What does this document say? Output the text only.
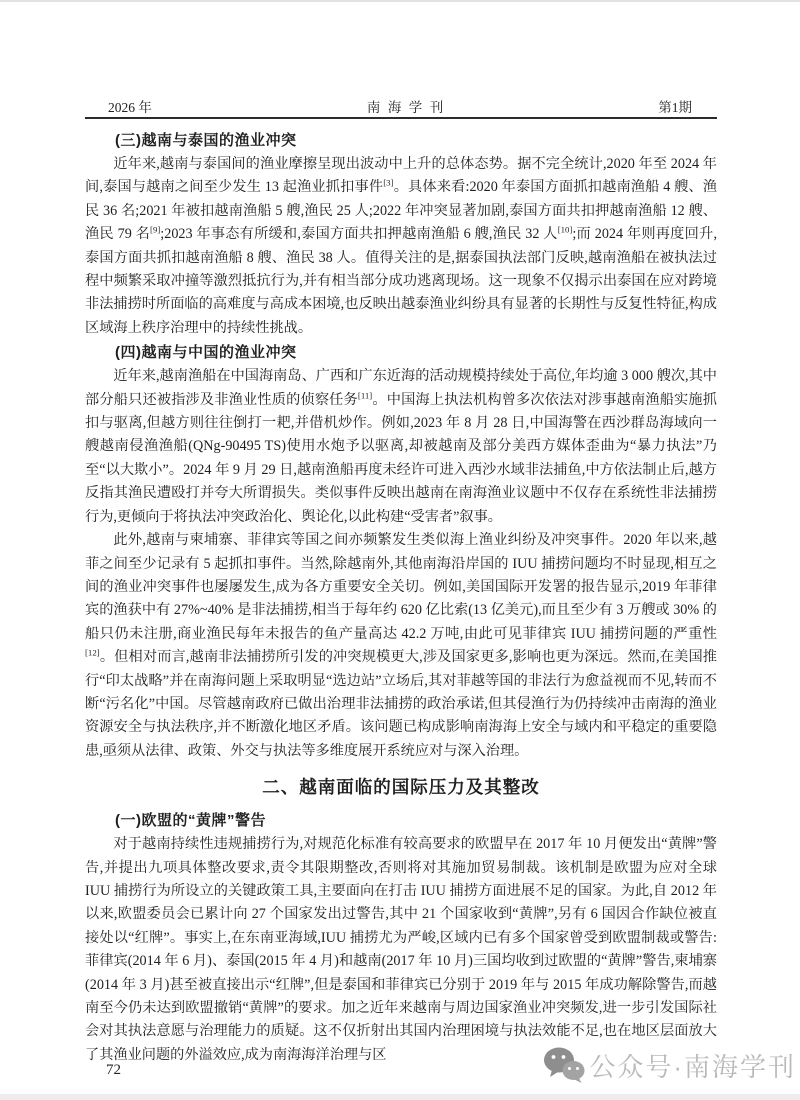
2026 年	南海学刊	第1期
(三)越南与泰国的渔业冲突

近年来,越南与泰国间的渔业摩擦呈现出波动中上升的总体态势。据不完全统计,2020 年至 2024 年间,泰国与越南之间至少发生 13 起渔业抓扣事件[3]。具体来看:2020 年泰国方面抓扣越南渔船 4 艘、渔民 36 名;2021 年被扣越南渔船 5 艘,渔民 25 人;2022 年冲突显著加剧,泰国方面共扣押越南渔船 12 艘、渔民 79 名[9];2023 年事态有所缓和,泰国方面共扣押越南渔船 6 艘,渔民 32 人[10];而 2024 年则再度回升,泰国方面共抓扣越南渔船 8 艘、渔民 38 人。值得关注的是,据泰国执法部门反映,越南渔船在被执法过程中频繁采取冲撞等激烈抵抗行为,并有相当部分成功逃离现场。这一现象不仅揭示出泰国在应对跨境非法捕捞时所面临的高难度与高成本困境,也反映出越泰渔业纠纷具有显著的长期性与反复性特征,构成区域海上秩序治理中的持续性挑战。

(四)越南与中国的渔业冲突

近年来,越南渔船在中国海南岛、广西和广东近海的活动规模持续处于高位,年均逾 3 000 艘次,其中部分船只还被指涉及非渔业性质的侦察任务[11]。中国海上执法机构曾多次依法对涉事越南渔船实施抓扣与驱离,但越方则往往倒打一耙,并借机炒作。例如,2023 年 8 月 28 日,中国海警在西沙群岛海域向一艘越南侵渔渔船(QNg-90495 TS)使用水炮予以驱离,却被越南及部分美西方媒体歪曲为“暴力执法”乃至“以大欺小”。2024 年 9 月 29 日,越南渔船再度未经许可进入西沙水域非法捕鱼,中方依法制止后,越方反指其渔民遭殴打并夸大所谓损失。类似事件反映出越南在南海渔业议题中不仅存在系统性非法捕捞行为,更倾向于将执法冲突政治化、舆论化,以此构建“受害者”叙事。

此外,越南与柬埔寨、菲律宾等国之间亦频繁发生类似海上渔业纠纷及冲突事件。2020 年以来,越菲之间至少记录有 5 起抓扣事件。当然,除越南外,其他南海沿岸国的 IUU 捕捞问题均不时显现,相互之间的渔业冲突事件也屡屡发生,成为各方重要安全关切。例如,美国国际开发署的报告显示,2019 年菲律宾的渔获中有 27%~40% 是非法捕捞,相当于每年约 620 亿比索(13 亿美元),而且至少有 3 万艘或 30% 的船只仍未注册,商业渔民每年未报告的鱼产量高达 42.2 万吨,由此可见菲律宾 IUU 捕捞问题的严重性[12]。但相对而言,越南非法捕捞所引发的冲突规模更大,涉及国家更多,影响也更为深远。然而,在美国推行“印太战略”并在南海问题上采取明显“选边站”立场后,其对菲越等国的非法行为愈益视而不见,转而不断“污名化”中国。尽管越南政府已做出治理非法捕捞的政治承诺,但其侵渔行为仍持续冲击南海的渔业资源安全与执法秩序,并不断激化地区矛盾。该问题已构成影响南海海上安全与域内和平稳定的重要隐患,亟须从法律、政策、外交与执法等多维度展开系统应对与深入治理。

二、越南面临的国际压力及其整改
(一)欧盟的“黄牌”警告

对于越南持续性违规捕捞行为,对规范化标准有较高要求的欧盟早在 2017 年 10 月便发出“黄牌”警告,并提出九项具体整改要求,责令其限期整改,否则将对其施加贸易制裁。该机制是欧盟为应对全球 IUU 捕捞行为所设立的关键政策工具,主要面向在打击 IUU 捕捞方面进展不足的国家。为此,自 2012 年以来,欧盟委员会已累计向 27 个国家发出过警告,其中 21 个国家收到“黄牌”,另有 6 国因合作缺位被直接处以“红牌”。事实上,在东南亚海域,IUU 捕捞尤为严峻,区域内已有多个国家曾受到欧盟制裁或警告:菲律宾(2014 年 6 月)、泰国(2015 年 4 月)和越南(2017 年 10 月)三国均收到过欧盟的“黄牌”警告,柬埔寨(2014 年 3 月)甚至被直接出示“红牌”,但是泰国和菲律宾已分别于 2019 年与 2015 年成功解除警告,而越南至今仍未达到欧盟撤销“黄牌”的要求。加之近年来越南与周边国家渔业冲突频发,进一步引发国际社会对其执法意愿与治理能力的质疑。这不仅折射出其国内治理困境与执法效能不足,也在地区层面放大了其渔业问题的外溢效应,成为南海海洋治理与区

72	公众号·南海学刊
